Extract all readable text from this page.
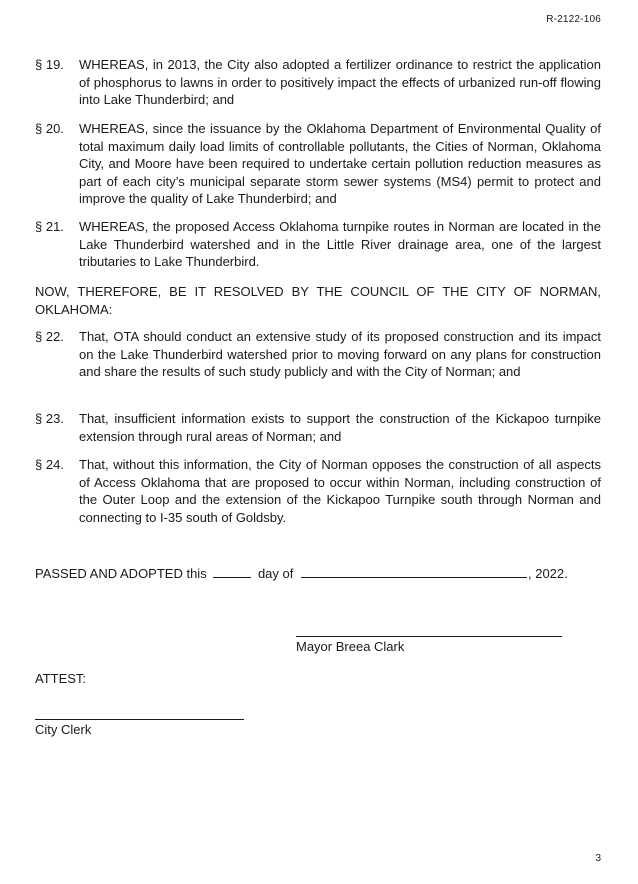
R-2122-106
§ 19.	WHEREAS, in 2013, the City also adopted a fertilizer ordinance to restrict the application of phosphorus to lawns in order to positively impact the effects of urbanized run-off flowing into Lake Thunderbird; and
§ 20.	WHEREAS, since the issuance by the Oklahoma Department of Environmental Quality of total maximum daily load limits of controllable pollutants, the Cities of Norman, Oklahoma City, and Moore have been required to undertake certain pollution reduction measures as part of each city’s municipal separate storm sewer systems (MS4) permit to protect and improve the quality of Lake Thunderbird; and
§ 21.	WHEREAS, the proposed Access Oklahoma turnpike routes in Norman are located in the Lake Thunderbird watershed and in the Little River drainage area, one of the largest tributaries to Lake Thunderbird.
NOW, THEREFORE, BE IT RESOLVED BY THE COUNCIL OF THE CITY OF NORMAN, OKLAHOMA:
§ 22.	That, OTA should conduct an extensive study of its proposed construction and its impact on the Lake Thunderbird watershed prior to moving forward on any plans for construction and share the results of such study publicly and with the City of Norman; and
§ 23.	That, insufficient information exists to support the construction of the Kickapoo turnpike extension through rural areas of Norman; and
§ 24.	That, without this information, the City of Norman opposes the construction of all aspects of Access Oklahoma that are proposed to occur within Norman, including construction of the Outer Loop and the extension of the Kickapoo Turnpike south through Norman and connecting to I-35 south of Goldsby.
PASSED AND ADOPTED this	day of	, 2022.
Mayor Breea Clark
ATTEST:
City Clerk
3
